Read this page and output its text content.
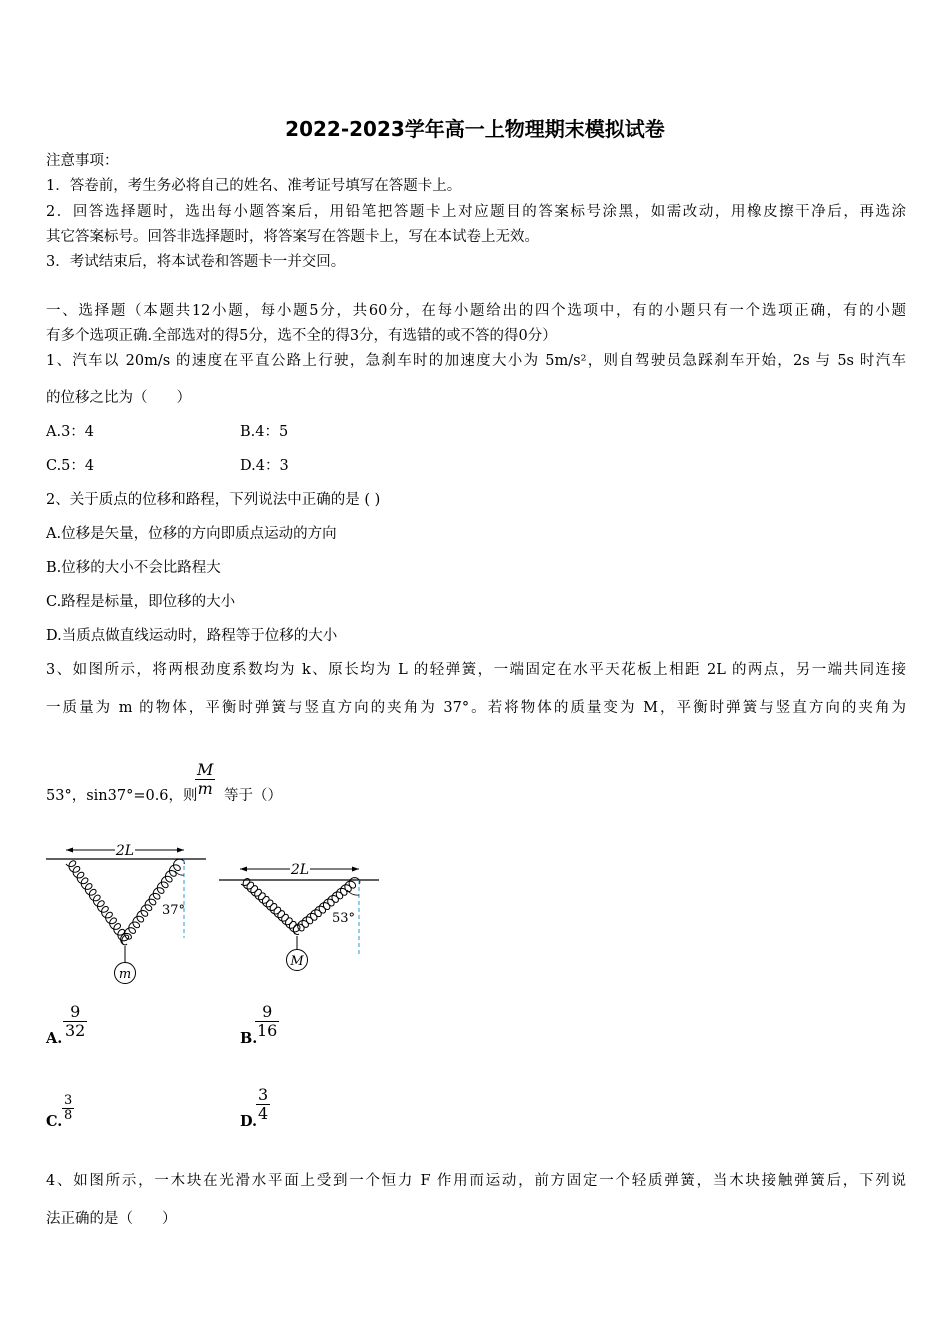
2022-2023学年高一上物理期末模拟试卷
注意事项：
1．答卷前，考生务必将自己的姓名、准考证号填写在答题卡上。
2．回答选择题时，选出每小题答案后，用铅笔把答题卡上对应题目的答案标号涂黑，如需改动，用橡皮擦干净后，再选涂
其它答案标号。回答非选择题时，将答案写在答题卡上，写在本试卷上无效。
3．考试结束后，将本试卷和答题卡一并交回。
一、选择题（本题共12小题，每小题5分，共60分，在每小题给出的四个选项中，有的小题只有一个选项正确，有的小题
有多个选项正确.全部选对的得5分，选不全的得3分，有选错的或不答的得0分）
1、汽车以 20m/s 的速度在平直公路上行驶，急刹车时的加速度大小为 5m/s²，则自驾驶员急踩刹车开始，2s 与 5s 时汽车
的位移之比为（　　）
A.3：4	B.4：5
C.5：4	D.4：3
2、关于质点的位移和路程，下列说法中正确的是 ( )
A.位移是矢量，位移的方向即质点运动的方向
B.位移的大小不会比路程大
C.路程是标量，即位移的大小
D.当质点做直线运动时，路程等于位移的大小
3、如图所示，将两根劲度系数均为 k、原长均为 L 的轻弹簧，一端固定在水平天花板上相距 2L 的两点，另一端共同连接
一质量为 m 的物体，平衡时弹簧与竖直方向的夹角为 37°。若将物体的质量变为 M，平衡时弹簧与竖直方向的夹角为
53°，sin37°=0.6，则
$\frac{M}{m}$ 等于（）
2L
37°
m
2L
53°
M
A. $\frac{9}{32}$	B.
$\frac{9}{16}$
C. $\frac{3}{8}$	D.
$\frac{3}{4}$
4、如图所示，一木块在光滑水平面上受到一个恒力 F 作用而运动，前方固定一个轻质弹簧，当木块接触弹簧后，下列说
法正确的是（　　）
